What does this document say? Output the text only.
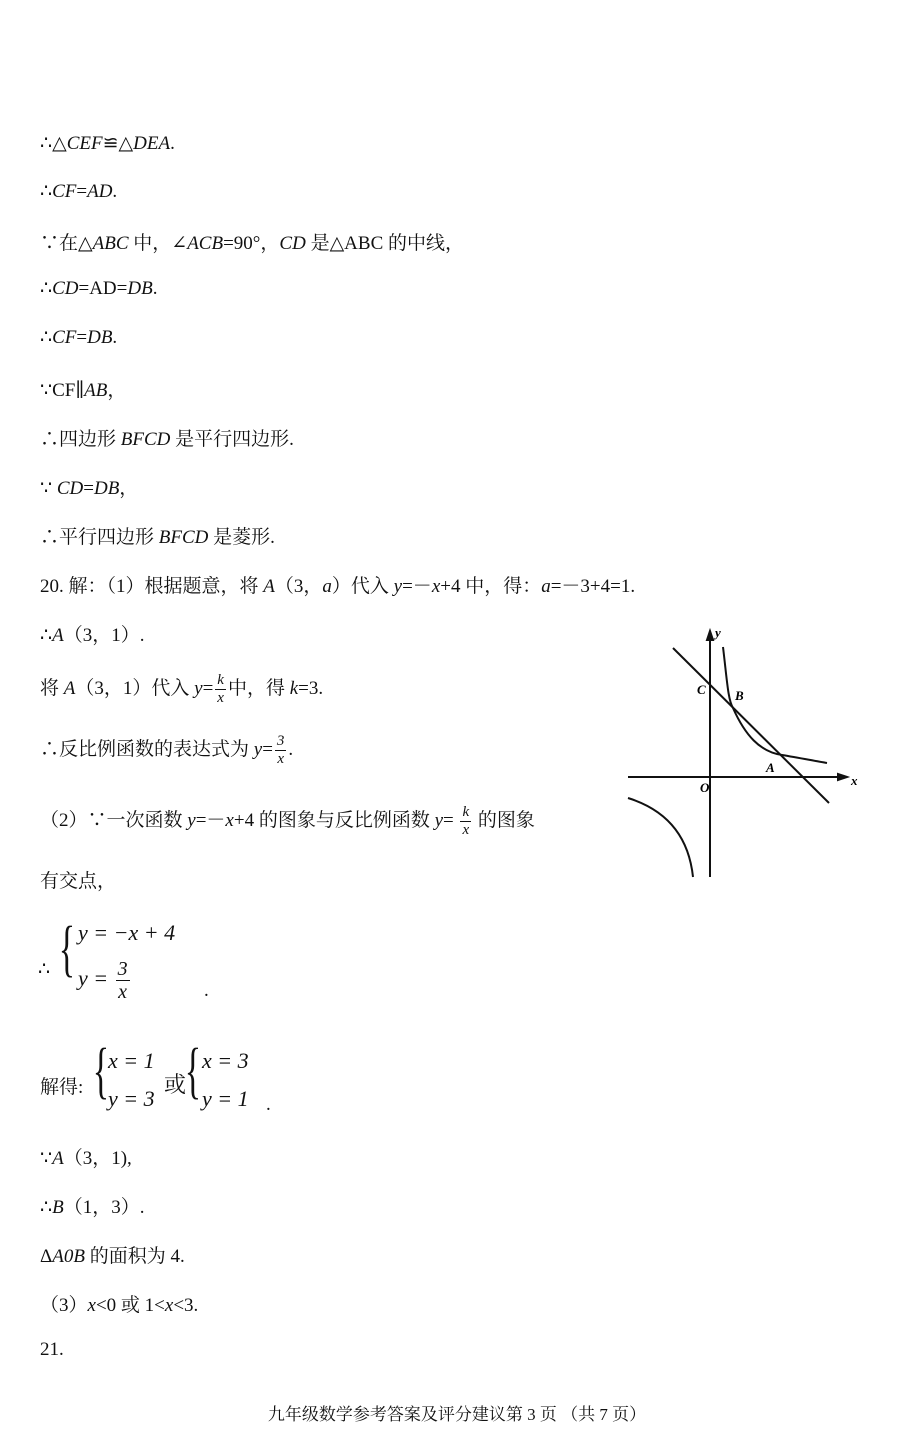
∴△CEF≌△DEA.
∴CF=AD.
∵在△ABC 中，∠ACB=90°，CD 是△ABC 的中线，
∴CD=AD=DB.
∴CF=DB.
∵CF∥AB，
∴四边形 BFCD 是平行四边形.
∵ CD=DB，
∴平行四边形 BFCD 是菱形.
20. 解：（1）根据题意，将 A（3，a）代入 y=－x+4 中，得：a=－3+4=1.
∴A（3，1）.
将 A（3，1）代入 $y= \frac{k}{x}$ 中，得 k=3.
∴反比例函数的表达式为 $y= \frac{3}{x}$ .
（2）∵一次函数 y=－x+4 的图象与反比例函数 $y= \frac{k}{x}$ 的图象
有交点，
∵A（3，1),
∴B（1，3）.
ΔA0B 的面积为 4.
（3）x<0 或 1<x<3.
21.
∴ { y = −x + 4
$y = \frac{3}{x}$	.
解得: {
x = 1
y = 3
或
{ x = 3
y = 1 .
C B
A
O	x
y
九年级数学参考答案及评分建议第 3 页 （共 7 页）
